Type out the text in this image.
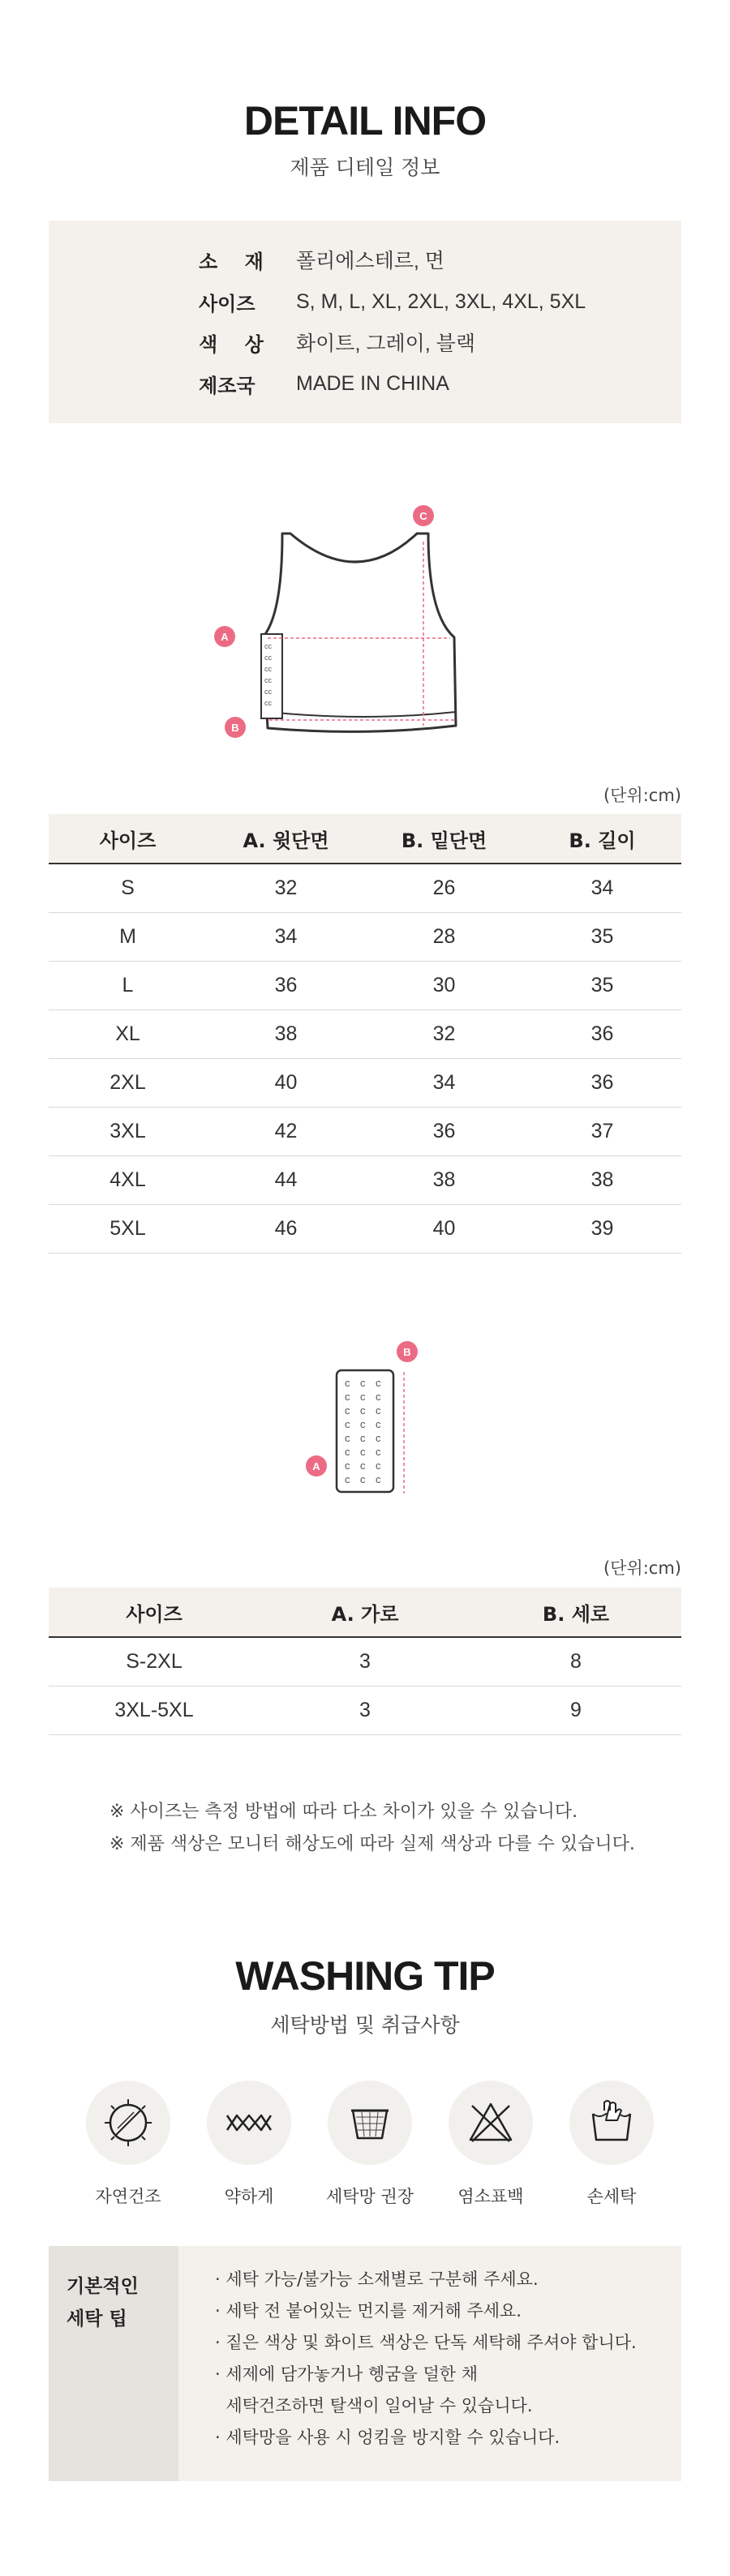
DETAIL INFO
제품 디테일 정보
소    재	폴리에스테르, 면
사이즈	S, M, L, XL, 2XL, 3XL, 4XL, 5XL
색    상	화이트, 그레이, 블랙
제조국	MADE IN CHINA
cc
cc
cc
cc
cc
cc
A
B
C
(단위:cm)
사이즈	A. 윗단면	B. 밑단면	B. 길이
S	32	26	34
M	34	28	35
L	36	30	35
XL	38	32	36
2XL	40	34	36
3XL	42	36	37
4XL	44	38	38
5XL	46	40	39
c c c
c c c
c c c
c c c
c c c
c c c
c c c
c c c
A
B
(단위:cm)
사이즈	A. 가로	B. 세로
S-2XL	3	8
3XL-5XL	3	9
※ 사이즈는 측정 방법에 따라 다소 차이가 있을 수 있습니다.
※ 제품 색상은 모니터 해상도에 따라 실제 색상과 다를 수 있습니다.
WASHING TIP
세탁방법 및 취급사항
자연건조	약하게	세탁망 권장	염소표백	손세탁
기본적인
세탁 팁
· 세탁 가능/불가능 소재별로 구분해 주세요.
· 세탁 전 붙어있는 먼지를 제거해 주세요.
· 짙은 색상 및 화이트 색상은 단독 세탁해 주셔야 합니다.
· 세제에 담가놓거나 헹굼을 덜한 채
세탁건조하면 탈색이 일어날 수 있습니다.
· 세탁망을 사용 시 엉킴을 방지할 수 있습니다.
